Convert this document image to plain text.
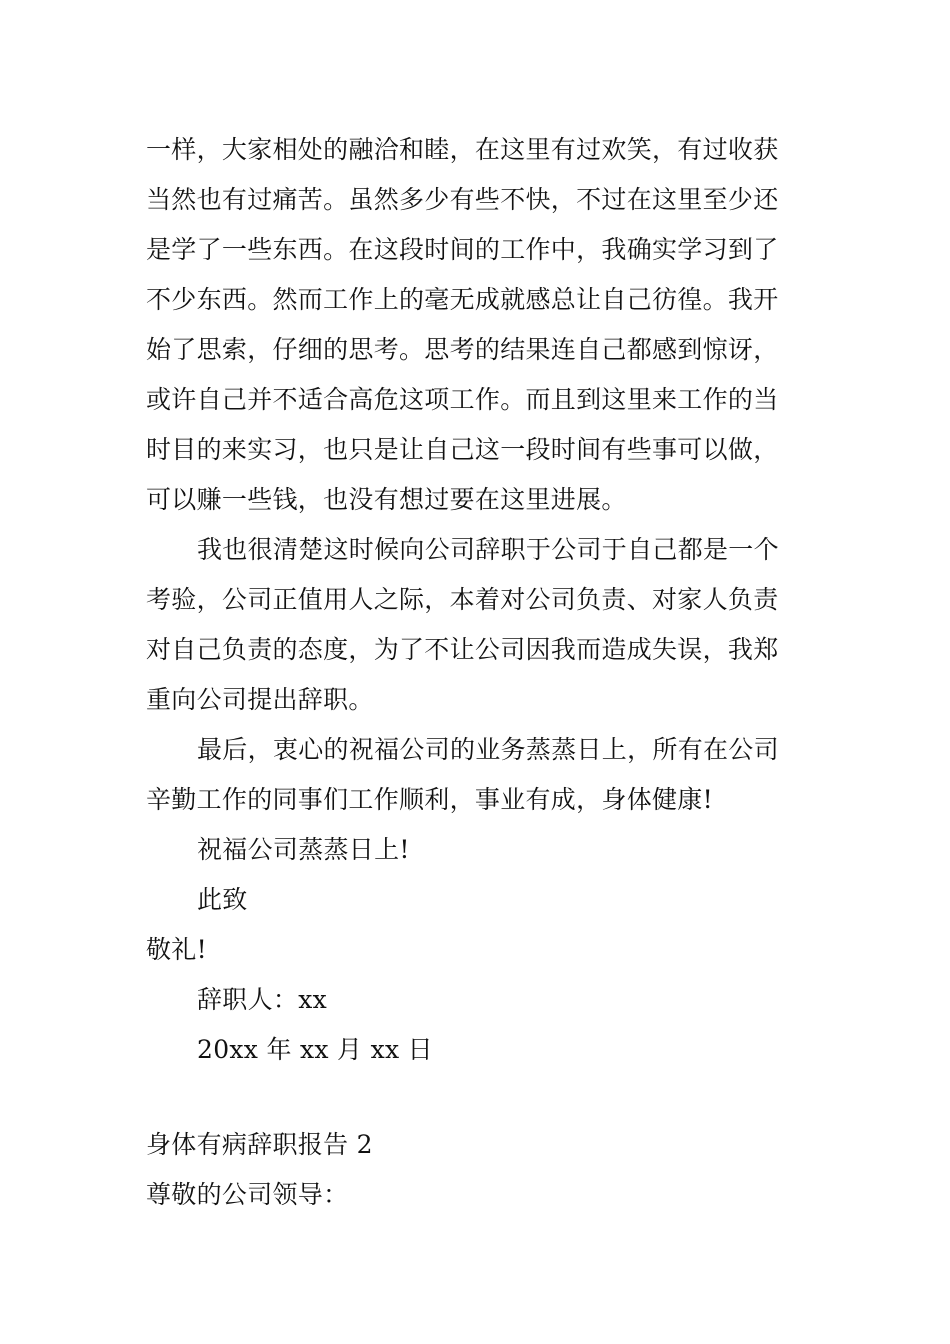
一样，大家相处的融洽和睦，在这里有过欢笑，有过收获
当然也有过痛苦。虽然多少有些不快，不过在这里至少还
是学了一些东西。在这段时间的工作中，我确实学习到了
不少东西。然而工作上的毫无成就感总让自己彷徨。我开
始了思索，仔细的思考。思考的结果连自己都感到惊讶，
或许自己并不适合高危这项工作。而且到这里来工作的当
时目的来实习，也只是让自己这一段时间有些事可以做，
可以赚一些钱，也没有想过要在这里进展。
我也很清楚这时候向公司辞职于公司于自己都是一个
考验，公司正值用人之际，本着对公司负责、对家人负责
对自己负责的态度，为了不让公司因我而造成失误，我郑
重向公司提出辞职。
最后，衷心的祝福公司的业务蒸蒸日上，所有在公司
辛勤工作的同事们工作顺利，事业有成，身体健康!
祝福公司蒸蒸日上!
此致
敬礼!
辞职人：xx
20xx 年 xx 月 xx 日
身体有病辞职报告 2
尊敬的公司领导：
